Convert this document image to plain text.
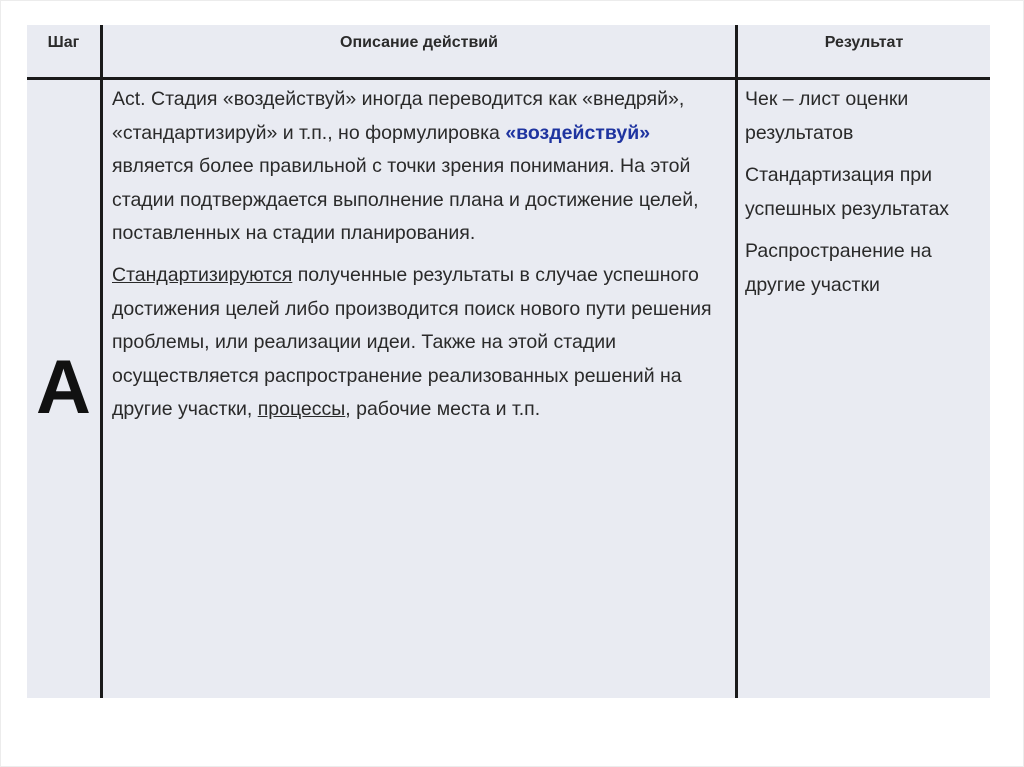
Шаг	Описание действий	Результат
A

Act. Стадия «воздействуй» иногда переводится как «внедряй», «стандартизируй» и т.п., но формулировка «воздействуй» является более правильной с точки зрения понимания. На этой стадии подтверждается выполнение плана и достижение целей, поставленных на стадии планирования.

Стандартизируются полученные результаты в случае успешного достижения целей либо производится поиск нового пути решения проблемы, или реализации идеи. Также на этой стадии осуществляется распространение реализованных решений на другие участки, процессы, рабочие места и т.п.

Чек – лист оценки результатов

Стандартизация при успешных результатах

Распространение на другие участки
